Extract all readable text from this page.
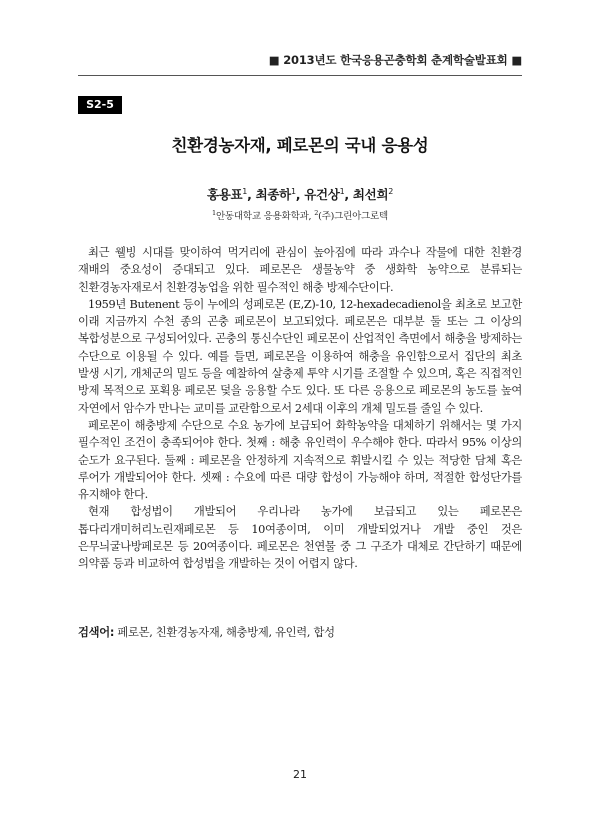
■ 2013년도 한국응용곤충학회 춘계학술발표회 ■
S2-5
친환경농자재, 페로몬의 국내 응용성
홍용표$^1$, 최종하$^1$, 유건상$^1$, 최선희$^2$
$^1$안동대학교 응용화학과, $^2$(주)그린아그로텍

최근 웰빙 시대를 맞이하여 먹거리에 관심이 높아짐에 따라 과수나 작물에 대한 친환경 재배의 중요성이 증대되고 있다. 페로몬은 생물농약 중 생화학 농약으로 분류되는 친환경농자재로서 친환경농업을 위한 필수적인 해충 방제수단이다.

1959년 Butenent 등이 누에의 성페로몬 (E,Z)-10, 12-hexadecadienol을 최초로 보고한 이래 지금까지 수천 종의 곤충 페로몬이 보고되었다. 페로몬은 대부분 둘 또는 그 이상의 복합성분으로 구성되어있다. 곤충의 통신수단인 페로몬이 산업적인 측면에서 해충을 방제하는 수단으로 이용될 수 있다. 예를 들면, 페로몬을 이용하여 해충을 유인함으로서 집단의 최초 발생 시기, 개체군의 밀도 등을 예찰하여 살충제 투약 시기를 조절할 수 있으며, 혹은 직접적인 방제 목적으로 포획용 페로몬 덫을 응용할 수도 있다. 또 다른 응용으로 페로몬의 농도를 높여 자연에서 암수가 만나는 교미를 교란함으로서 2세대 이후의 개체 밀도를 줄일 수 있다.

페로몬이 해충방제 수단으로 수요 농가에 보급되어 화학농약을 대체하기 위해서는 몇 가지 필수적인 조건이 충족되어야 한다. 첫째 : 해충 유인력이 우수해야 한다. 따라서 95% 이상의 순도가 요구된다. 둘째 : 페로몬을 안정하게 지속적으로 휘발시킬 수 있는 적당한 담체 혹은 루어가 개발되어야 한다. 셋째 : 수요에 따른 대량 합성이 가능해야 하며, 적절한 합성단가를 유지해야 한다.

현재 합성법이 개발되어 우리나라 농가에 보급되고 있는 페로몬은 톱다리개미허리노린재페로몬 등 10여종이며, 이미 개발되었거나 개발 중인 것은 은무늬굴나방페로몬 등 20여종이다. 페로몬은 천연물 중 그 구조가 대체로 간단하기 때문에 의약품 등과 비교하여 합성법을 개발하는 것이 어렵지 않다.

검색어: 페로몬, 친환경농자재, 해충방제, 유인력, 합성
21
